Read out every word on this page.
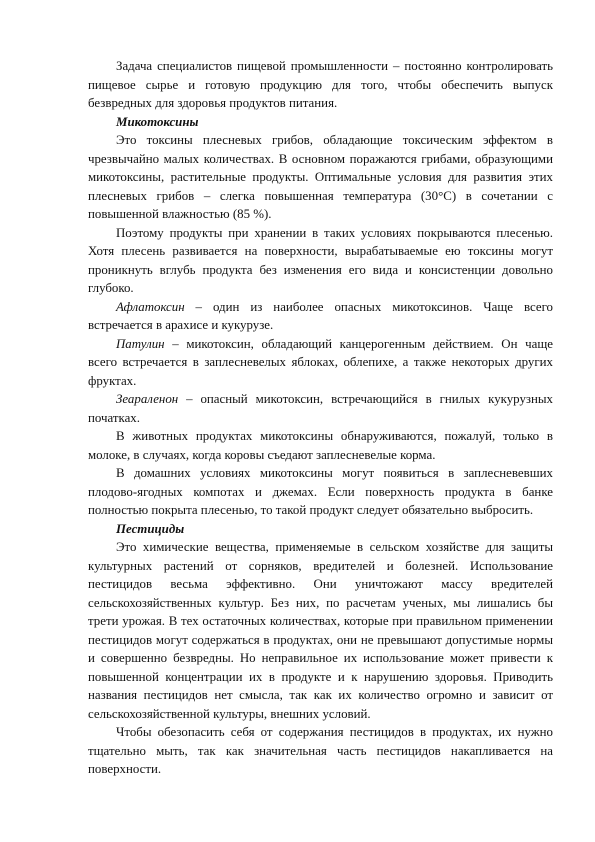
Задача специалистов пищевой промышленности – постоянно контролировать пищевое сырье и готовую продукцию для того, чтобы обеспечить выпуск безвредных для здоровья продуктов питания.

Микотоксины

Это токсины плесневых грибов, обладающие токсическим эффектом в чрезвычайно малых количествах. В основном поражаются грибами, образующими микотоксины, растительные продукты. Оптимальные условия для развития этих плесневых грибов – слегка повышенная температура (30°С) в сочетании с повышенной влажностью (85 %).

Поэтому продукты при хранении в таких условиях покрываются плесенью. Хотя плесень развивается на поверхности, вырабатываемые ею токсины могут проникнуть вглубь продукта без изменения его вида и консистенции довольно глубоко.

Афлатоксин – один из наиболее опасных микотоксинов. Чаще всего встречается в арахисе и кукурузе.

Патулин – микотоксин, обладающий канцерогенным действием. Он чаще всего встречается в заплесневелых яблоках, облепихе, а также некоторых других фруктах.

Зеараленон – опасный микотоксин, встречающийся в гнилых кукурузных початках.

В животных продуктах микотоксины обнаруживаются, пожалуй, только в молоке, в случаях, когда коровы съедают заплесневелые корма.

В домашних условиях микотоксины могут появиться в заплесневевших плодово-ягодных компотах и джемах. Если поверхность продукта в банке полностью покрыта плесенью, то такой продукт следует обязательно выбросить.

Пестициды

Это химические вещества, применяемые в сельском хозяйстве для защиты культурных растений от сорняков, вредителей и болезней. Использование пестицидов весьма эффективно. Они уничтожают массу вредителей сельскохозяйственных культур. Без них, по расчетам ученых, мы лишались бы трети урожая. В тех остаточных количествах, которые при правильном применении пестицидов могут содержаться в продуктах, они не превышают допустимые нормы и совершенно безвредны. Но неправильное их использование может привести к повышенной концентрации их в продукте и к нарушению здоровья. Приводить названия пестицидов нет смысла, так как их количество огромно и зависит от сельскохозяйственной культуры, внешних условий.

Чтобы обезопасить себя от содержания пестицидов в продуктах, их нужно тщательно мыть, так как значительная часть пестицидов накапливается на поверхности.
